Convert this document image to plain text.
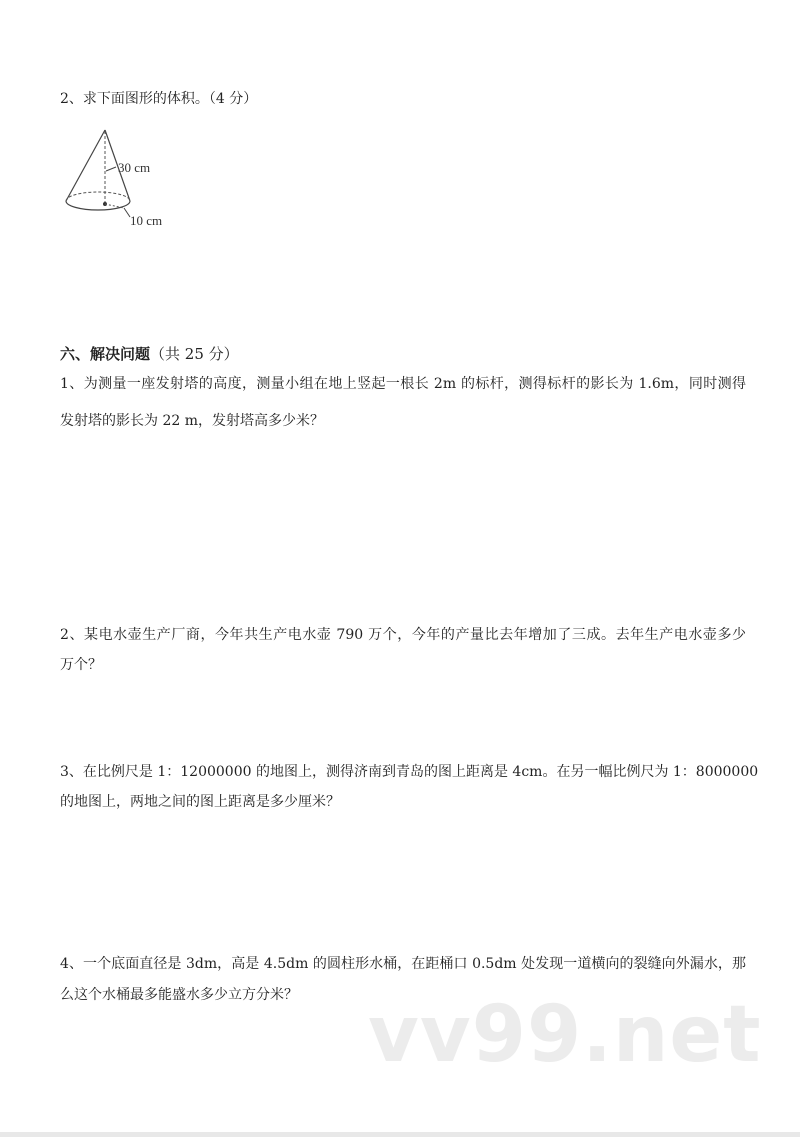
2、求下面图形的体积。（4 分）
30 cm
10 cm
六、解决问题（共 25 分）
1、为测量一座发射塔的高度，测量小组在地上竖起一根长 2m 的标杆，测得标杆的影长为 1.6m，同时测得
发射塔的影长为 22 m，发射塔高多少米？
2、某电水壶生产厂商，今年共生产电水壶 790 万个，今年的产量比去年增加了三成。去年生产电水壶多少
万个？
3、在比例尺是 1：12000000 的地图上，测得济南到青岛的图上距离是 4cm。在另一幅比例尺为 1：8000000
的地图上，两地之间的图上距离是多少厘米？
4、一个底面直径是 3dm，高是 4.5dm 的圆柱形水桶，在距桶口 0.5dm 处发现一道横向的裂缝向外漏水，那
么这个水桶最多能盛水多少立方分米？ vv99.net
